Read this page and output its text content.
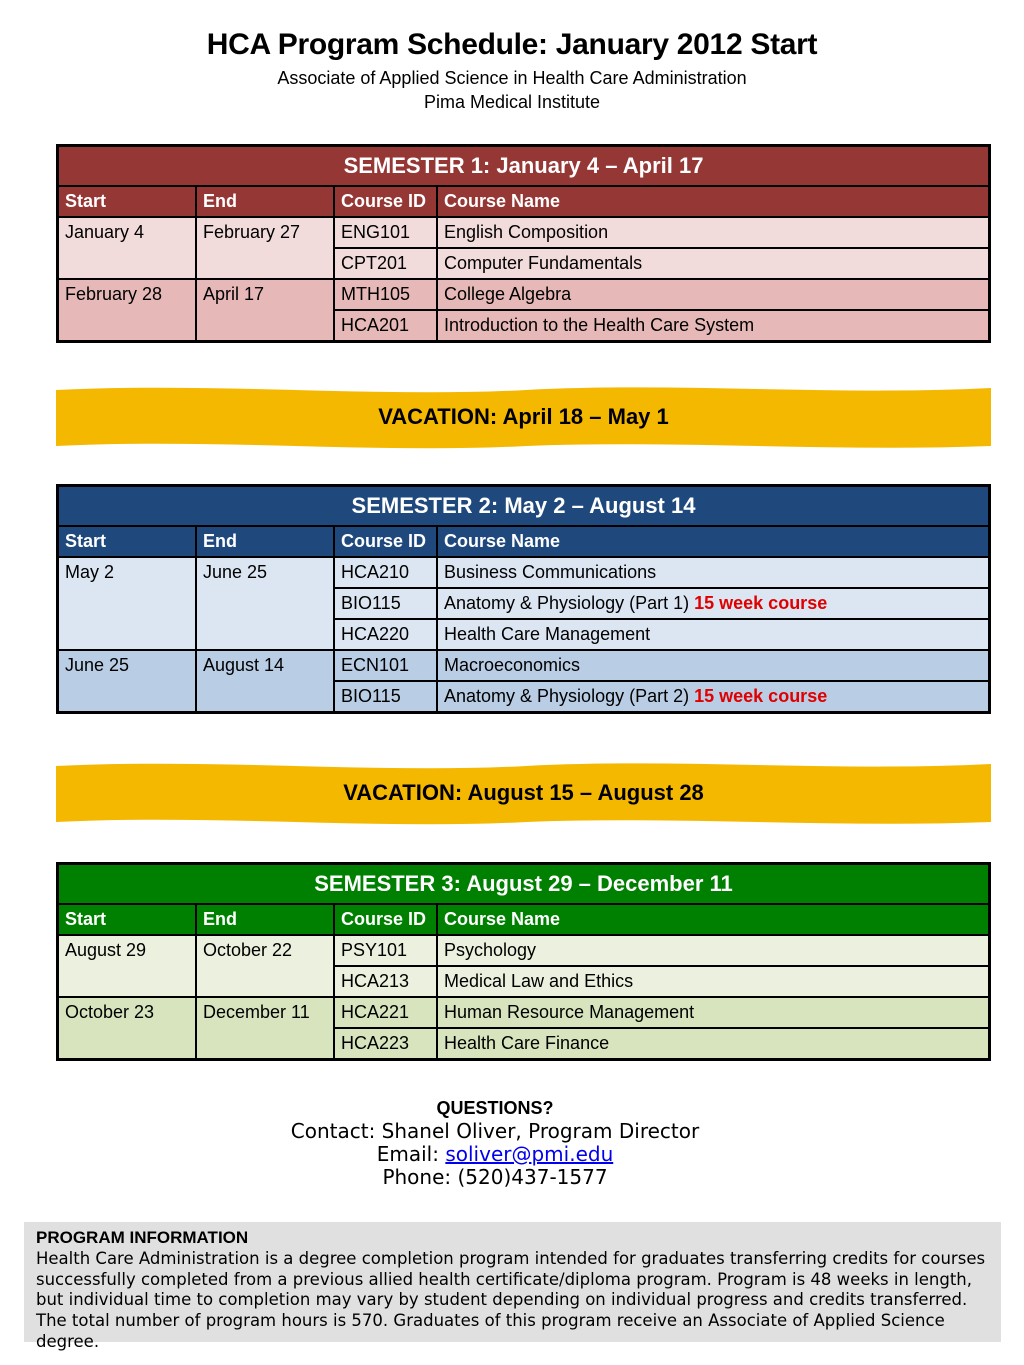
HCA Program Schedule: January 2012 Start
Associate of Applied Science in Health Care Administration
Pima Medical Institute
SEMESTER 1: January 4 – April 17			
Start	End	Course ID	Course Name
January 4	February 27	ENG101	English Composition
		CPT201	Computer Fundamentals
February 28	April 17	MTH105	College Algebra
		HCA201	Introduction to the Health Care System
VACATION: April 18 – May 1
SEMESTER 2: May 2 – August 14			
Start	End	Course ID	Course Name
May 2	June 25	HCA210	Business Communications
		BIO115	Anatomy & Physiology (Part 1) 15 week course
		HCA220	Health Care Management
June 25	August 14	ECN101	Macroeconomics
		BIO115	Anatomy & Physiology (Part 2) 15 week course
VACATION: August 15 – August 28
SEMESTER 3: August 29 – December 11			
Start	End	Course ID	Course Name
August 29	October 22	PSY101	Psychology
		HCA213	Medical Law and Ethics
October 23	December 11	HCA221	Human Resource Management
		HCA223	Health Care Finance
QUESTIONS?
Contact: Shanel Oliver, Program Director
Email: soliver@pmi.edu
Phone: (520)437-1577
PROGRAM INFORMATION
Health Care Administration is a degree completion program intended for graduates transferring credits for courses successfully completed from a previous allied health certificate/diploma program. Program is 48 weeks in length, but individual time to completion may vary by student depending on individual progress and credits transferred. The total number of program hours is 570. Graduates of this program receive an Associate of Applied Science degree.
